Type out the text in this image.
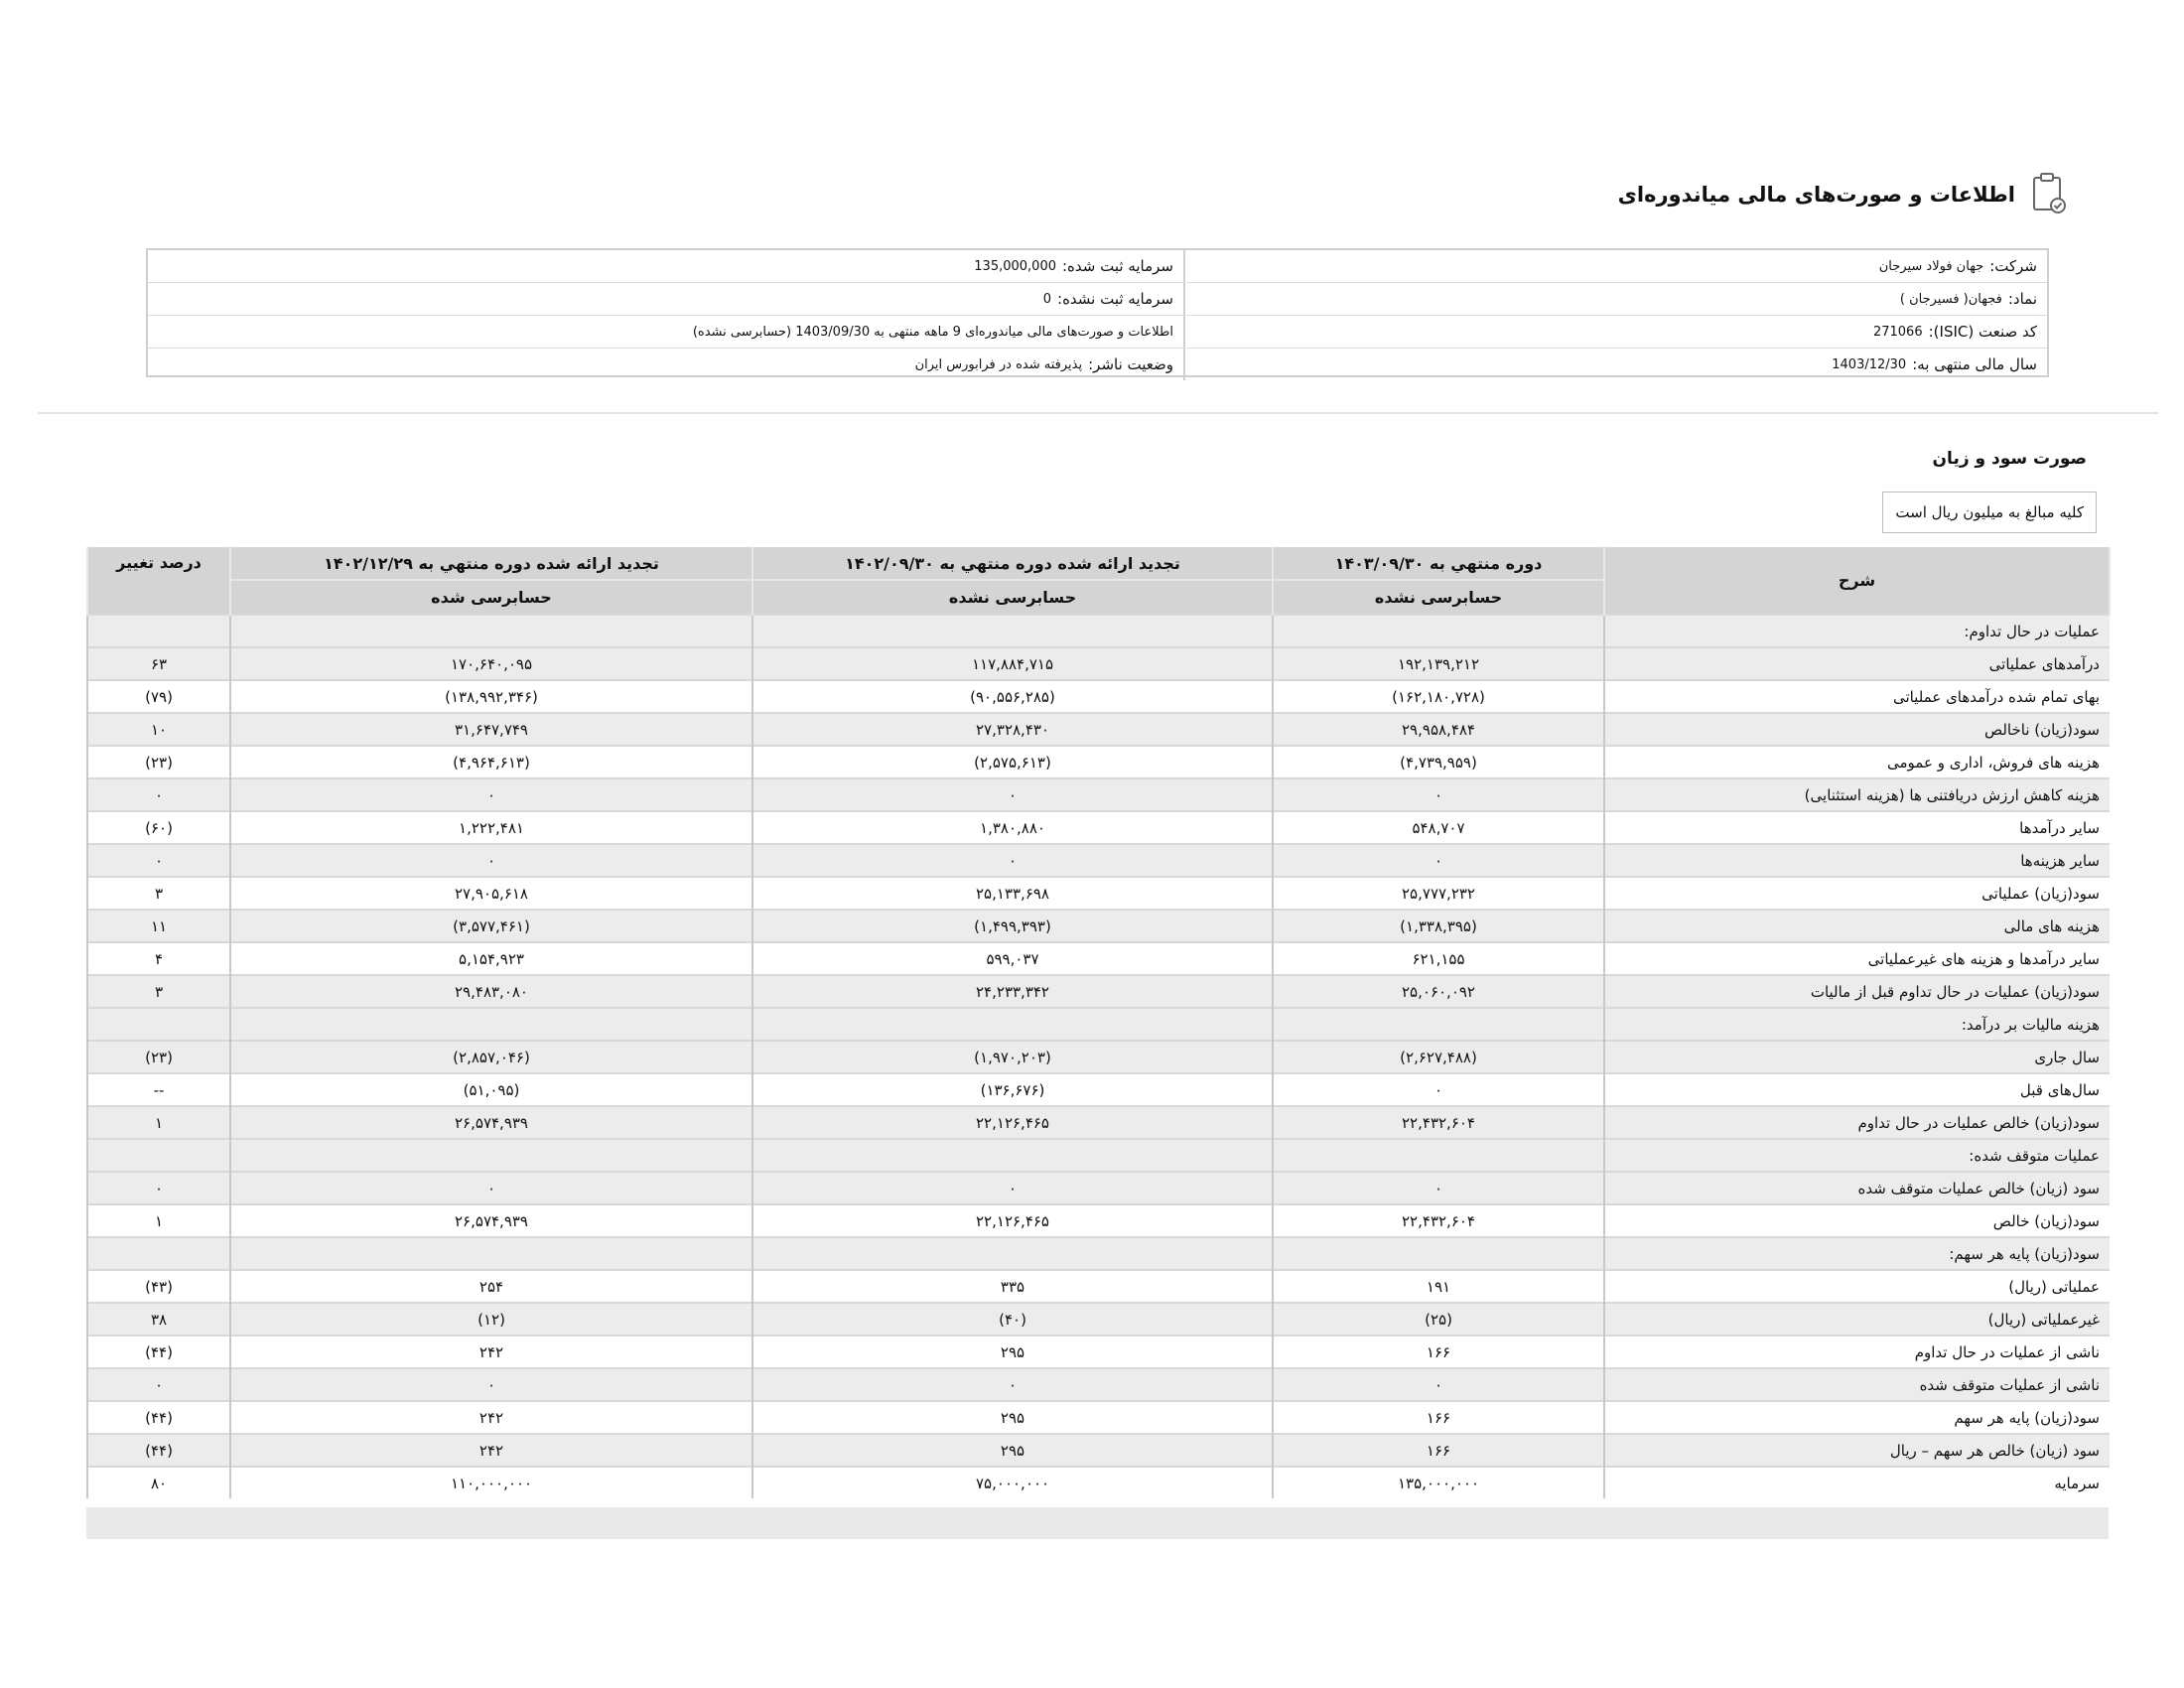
اطلاعات و صورت‌های مالی میاندوره‌ای
شرکت:
جهان فولاد سيرجان
سرمایه ثبت شده:
135,000,000
نماد:
فجهان( فسیرجان )
سرمایه ثبت نشده:
0
کد صنعت (ISIC):
271066
اطلاعات و صورت‌های مالی میاندوره‌ای 9 ماهه منتهی به 1403/09/30 (حسابرسی نشده)
سال مالی منتهی به:
1403/12/30
وضعیت ناشر:
پذیرفته شده در فرابورس ایران
صورت سود و زیان
کلیه مبالغ به میلیون ریال است
شرح	دوره منتهي به ۱۴۰۳/۰۹/۳۰	تجدید ارائه شده دوره منتهي به ۱۴۰۲/۰۹/۳۰	تجدید ارائه شده دوره منتهي به ۱۴۰۲/۱۲/۲۹	درصد تغییر
	حسابرسی نشده	حسابرسی نشده	حسابرسی شده	
عملیات در حال تداوم:				
درآمدهای عملیاتی	۱۹۲,۱۳۹,۲۱۲	۱۱۷,۸۸۴,۷۱۵	۱۷۰,۶۴۰,۰۹۵	۶۳
بهای تمام شده درآمدهای عملیاتی	(۱۶۲,۱۸۰,۷۲۸)	(۹۰,۵۵۶,۲۸۵)	(۱۳۸,۹۹۲,۳۴۶)	(۷۹)
سود(زیان) ناخالص	۲۹,۹۵۸,۴۸۴	۲۷,۳۲۸,۴۳۰	۳۱,۶۴۷,۷۴۹	۱۰
هزینه های فروش، اداری و عمومی	(۴,۷۳۹,۹۵۹)	(۲,۵۷۵,۶۱۳)	(۴,۹۶۴,۶۱۳)	(۲۳)
هزینه کاهش ارزش دریافتنی ها (هزینه استثنایی)	۰	۰	۰	۰
سایر درآمدها	۵۴۸,۷۰۷	۱,۳۸۰,۸۸۰	۱,۲۲۲,۴۸۱	(۶۰)
سایر هزینه‌ها	۰	۰	۰	۰
سود(زیان) عملیاتی	۲۵,۷۷۷,۲۳۲	۲۵,۱۳۳,۶۹۸	۲۷,۹۰۵,۶۱۸	۳
هزینه های مالی	(۱,۳۳۸,۳۹۵)	(۱,۴۹۹,۳۹۳)	(۳,۵۷۷,۴۶۱)	۱۱
سایر درآمدها و هزینه های غیرعملیاتی	۶۲۱,۱۵۵	۵۹۹,۰۳۷	۵,۱۵۴,۹۲۳	۴
سود(زیان) عملیات در حال تداوم قبل از مالیات	۲۵,۰۶۰,۰۹۲	۲۴,۲۳۳,۳۴۲	۲۹,۴۸۳,۰۸۰	۳
هزینه مالیات بر درآمد:				
سال جاری	(۲,۶۲۷,۴۸۸)	(۱,۹۷۰,۲۰۳)	(۲,۸۵۷,۰۴۶)	(۲۳)
سال‌های قبل	۰	(۱۳۶,۶۷۶)	(۵۱,۰۹۵)	--
سود(زیان) خالص عملیات در حال تداوم	۲۲,۴۳۲,۶۰۴	۲۲,۱۲۶,۴۶۵	۲۶,۵۷۴,۹۳۹	۱
عملیات متوقف شده:				
سود (زیان) خالص عملیات متوقف شده	۰	۰	۰	۰
سود(زیان) خالص	۲۲,۴۳۲,۶۰۴	۲۲,۱۲۶,۴۶۵	۲۶,۵۷۴,۹۳۹	۱
سود(زیان) پایه هر سهم:				
عملیاتی (ریال)	۱۹۱	۳۳۵	۲۵۴	(۴۳)
غیرعملیاتی (ریال)	(۲۵)	(۴۰)	(۱۲)	۳۸
ناشی از عملیات در حال تداوم	۱۶۶	۲۹۵	۲۴۲	(۴۴)
ناشی از عملیات متوقف شده	۰	۰	۰	۰
سود(زیان) پایه هر سهم	۱۶۶	۲۹۵	۲۴۲	(۴۴)
سود (زیان) خالص هر سهم – ریال	۱۶۶	۲۹۵	۲۴۲	(۴۴)
سرمایه	۱۳۵,۰۰۰,۰۰۰	۷۵,۰۰۰,۰۰۰	۱۱۰,۰۰۰,۰۰۰	۸۰
